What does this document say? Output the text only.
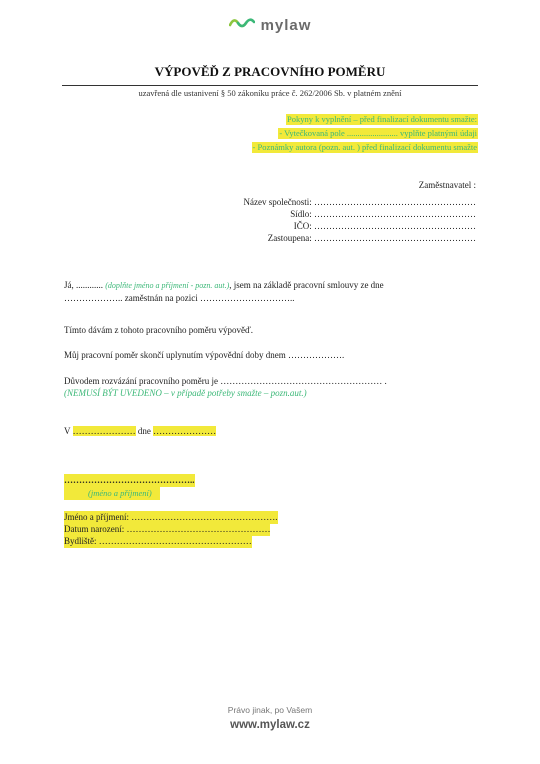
mylaw
VÝPOVĚĎ Z PRACOVNÍHO POMĚRU
uzavřená dle ustanivení § 50 zákoníku práce č. 262/2006 Sb. v platném znění
Pokyny k vyplnění – před finalizací dokumentu smažte:
- Vytečkovaná pole ........................ vyplňte platnými údaji
- Poznámky autora (pozn. aut. ) před finalizací dokumentu smažte
Zaměstnavatel :
Název společnosti: ………………………………………………
Sídlo: ………………………………………………
IČO: ………………………………………………
Zastoupena: ………………………………………………
Já, ............ (doplňte jméno a příjmení - pozn. aut.), jsem na základě pracovní smlouvy ze dne
……………….. zaměstnán na pozici …………………………..
Tímto dávám z tohoto pracovního poměru výpověď.
Můj pracovní poměr skončí uplynutím výpovědní doby dnem ……………….
Důvodem rozvázání pracovního poměru je ……………………………………………… .
(NEMUSÍ BÝT UVEDENO – v případě potřeby smažte – pozn.aut.)
V ………………… dne …………………
……………………………………..
(jméno a příjmení)
Jméno a příjmení: ………………………………………….
Datum narození: …………………………………………
Bydliště: ……………………………………………
Právo jinak, po Vašem
www.mylaw.cz
